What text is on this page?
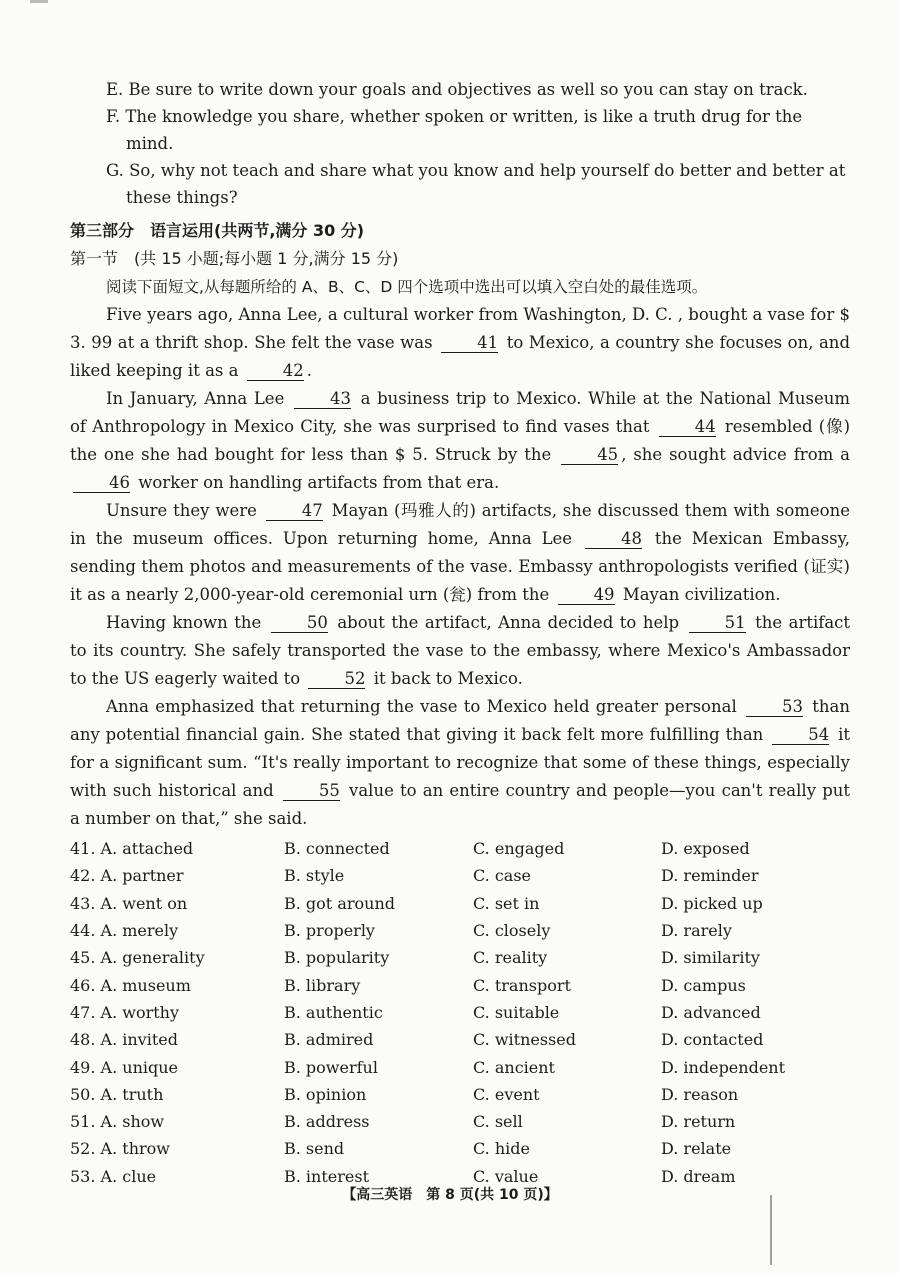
E. Be sure to write down your goals and objectives as well so you can stay on track.
F. The knowledge you share, whether spoken or written, is like a truth drug for the mind.
G. So, why not teach and share what you know and help yourself do better and better at these things?
第三部分　语言运用(共两节,满分 30 分)
第一节　(共 15 小题;每小题 1 分,满分 15 分)

阅读下面短文,从每题所给的 A、B、C、D 四个选项中选出可以填入空白处的最佳选项。

Five years ago, Anna Lee, a cultural worker from Washington, D. C. , bought a vase for $ 3. 99 at a thrift shop. She felt the vase was	41 to Mexico, a country she focuses on, and liked keeping it as a	42 .

In January, Anna Lee	43 a business trip to Mexico. While at the National Museum of Anthropology in Mexico City, she was surprised to find vases that	44 resembled (像) the one she had bought for less than $ 5. Struck by the	45 , she sought advice from a 46 worker on handling artifacts from that era.

Unsure they were	47 Mayan (玛雅人的) artifacts, she discussed them with someone in the museum offices. Upon returning home, Anna Lee	48 the Mexican Embassy, sending them photos and measurements of the vase. Embassy anthropologists verified (证实) it as a nearly 2,000-year-old ceremonial urn (瓮) from the	49 Mayan civilization.

Having known the	50 about the artifact, Anna decided to help	51 the artifact to its country. She safely transported the vase to the embassy, where Mexico's Ambassador to the US eagerly waited to	52 it back to Mexico.

Anna emphasized that returning the vase to Mexico held greater personal	53 than any potential financial gain. She stated that giving it back felt more fulfilling than	54 it for a significant sum. “It's really important to recognize that some of these things, especially with such historical and	55 value to an entire country and people—you can't really put a number on that,” she said.

41. A. attached	B. connected	C. engaged	D. exposed
42. A. partner	B. style	C. case	D. reminder
43. A. went on	B. got around	C. set in	D. picked up
44. A. merely	B. properly	C. closely	D. rarely
45. A. generality	B. popularity	C. reality	D. similarity
46. A. museum	B. library	C. transport	D. campus
47. A. worthy	B. authentic	C. suitable	D. advanced
48. A. invited	B. admired	C. witnessed	D. contacted
49. A. unique	B. powerful	C. ancient	D. independent
50. A. truth	B. opinion	C. event	D. reason
51. A. show	B. address	C. sell	D. return
52. A. throw	B. send	C. hide	D. relate
53. A. clue	B. interest	C. value	D. dream
【高三英语　第 8 页(共 10 页)】
